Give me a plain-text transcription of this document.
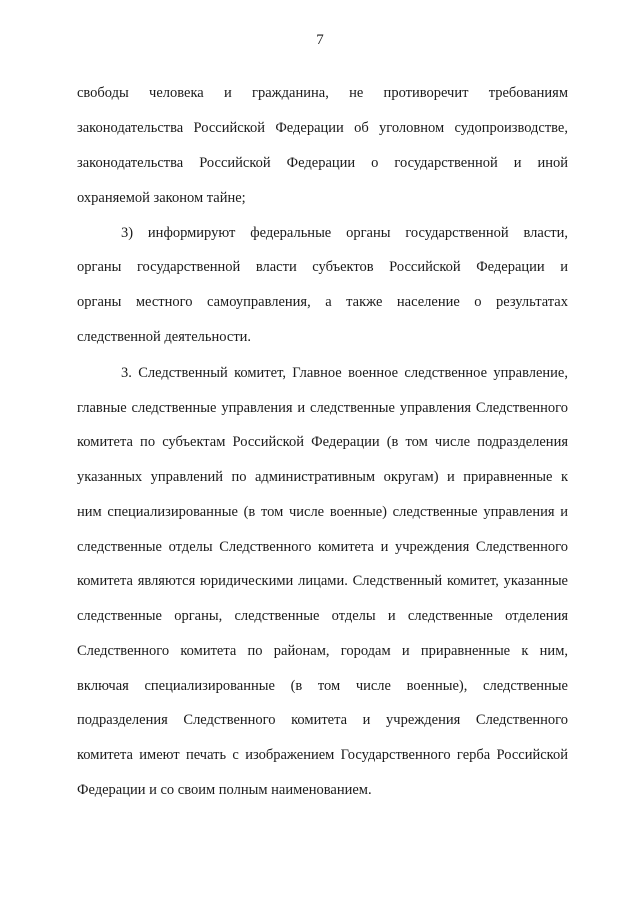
7
свободы человека и гражданина, не противоречит требованиям
законодательства Российской Федерации об уголовном судопроизводстве,
законодательства Российской Федерации о государственной и иной
охраняемой законом тайне;
3) информируют федеральные органы государственной власти,
органы государственной власти субъектов Российской Федерации и
органы местного самоуправления, а также население о результатах
следственной деятельности.
3. Следственный комитет, Главное военное следственное управление,
главные следственные управления и следственные управления Следственного
комитета по субъектам Российской Федерации (в том числе подразделения
указанных управлений по административным округам) и приравненные к
ним специализированные (в том числе военные) следственные управления и
следственные отделы Следственного комитета и учреждения Следственного
комитета являются юридическими лицами. Следственный комитет, указанные
следственные органы, следственные отделы и следственные отделения
Следственного комитета по районам, городам и приравненные к ним,
включая специализированные (в том числе военные), следственные
подразделения Следственного комитета и учреждения Следственного
комитета имеют печать с изображением Государственного герба Российской
Федерации и со своим полным наименованием.
